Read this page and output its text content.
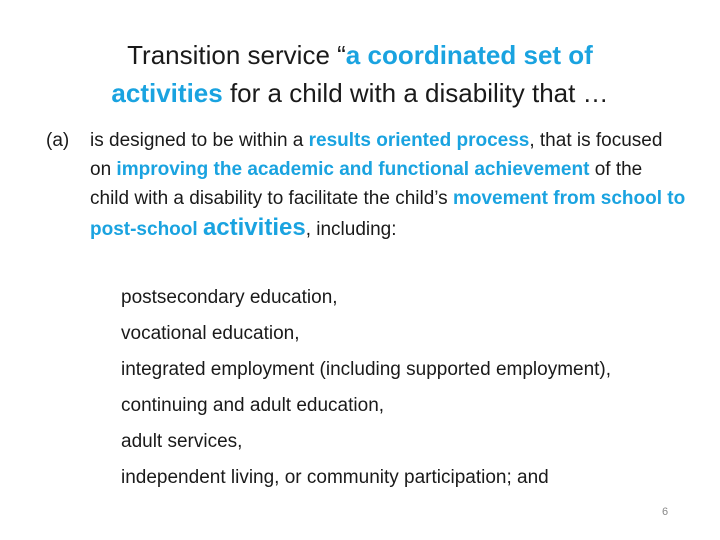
Transition service “a coordinated set of
activities for a child with a disability that …
(a) is designed to be within a results oriented process, that is focused on improving the academic and functional achievement of the child with a disability to facilitate the child’s movement from school to post-school activities, including:
postsecondary education,
vocational education,
integrated employment (including supported employment),
continuing and adult education,
adult services,
independent living, or community participation; and
6
